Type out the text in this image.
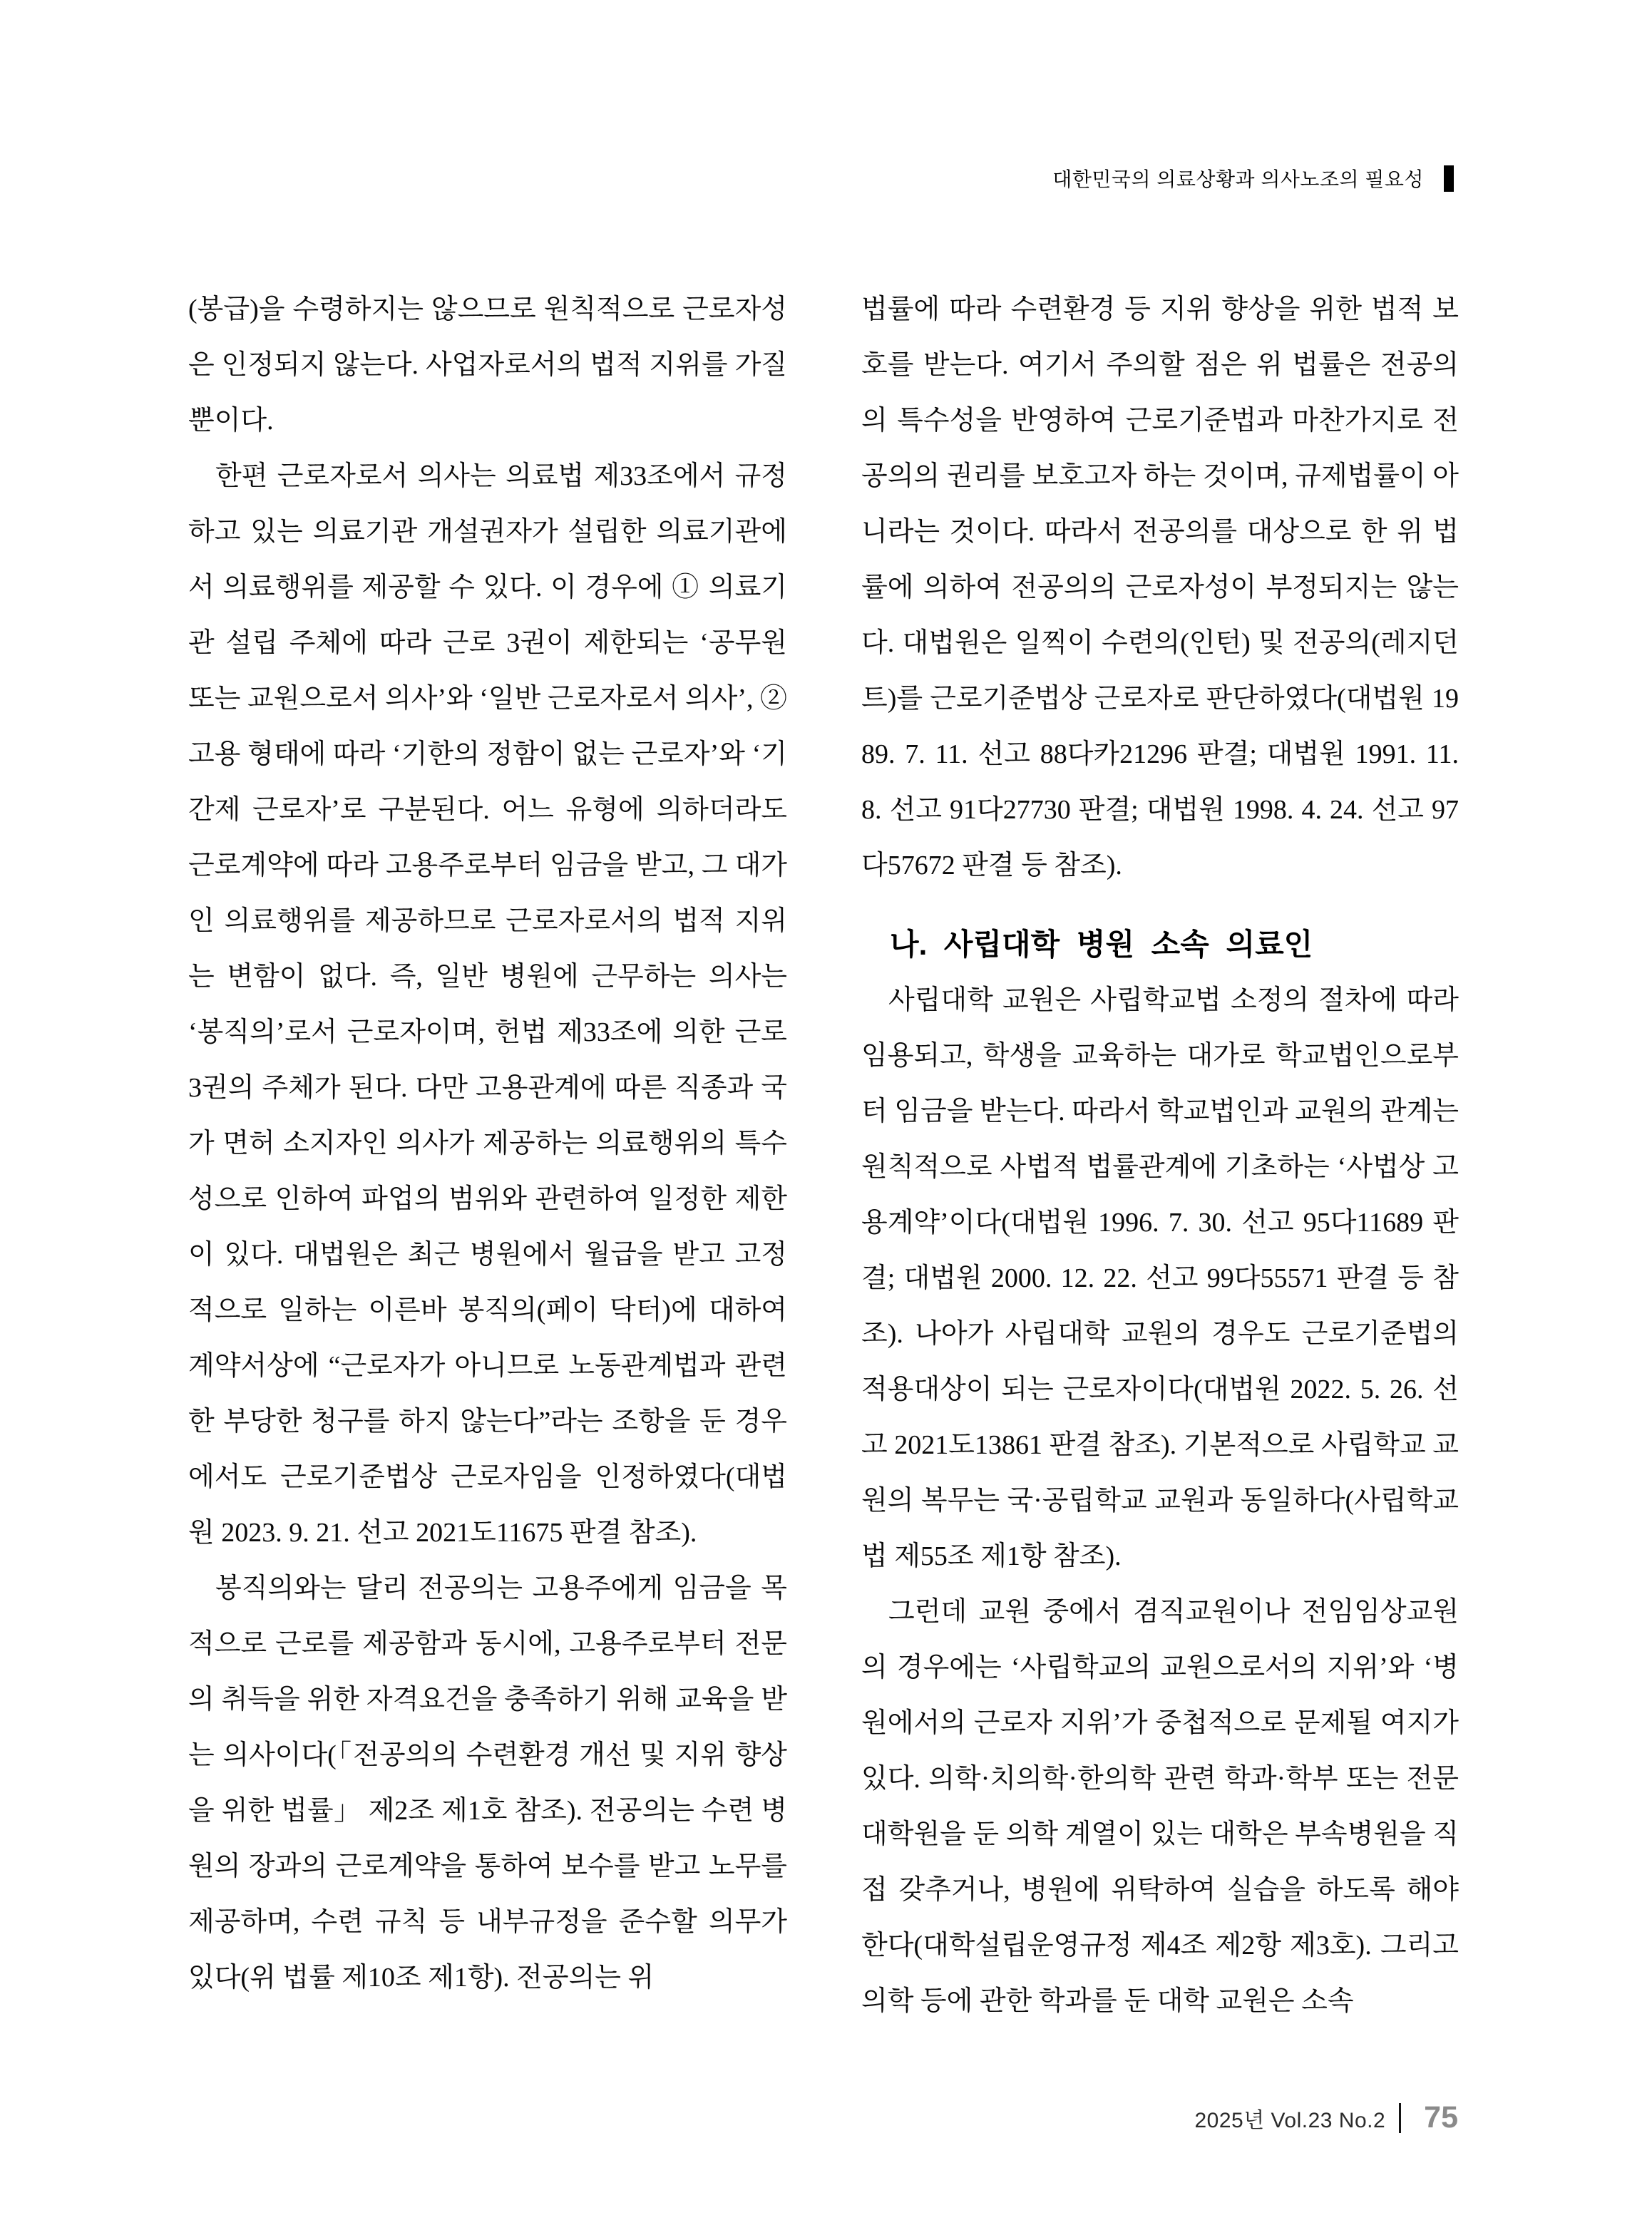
대한민국의 의료상황과 의사노조의 필요성

(봉급)을 수령하지는 않으므로 원칙적으로 근로자성은 인정되지 않는다. 사업자로서의 법적 지위를 가질 뿐이다.

한편 근로자로서 의사는 의료법 제33조에서 규정하고 있는 의료기관 개설권자가 설립한 의료기관에서 의료행위를 제공할 수 있다. 이 경우에 ① 의료기관 설립 주체에 따라 근로 3권이 제한되는 ‘공무원 또는 교원으로서 의사’와 ‘일반 근로자로서 의사’, ② 고용 형태에 따라 ‘기한의 정함이 없는 근로자’와 ‘기간제 근로자’로 구분된다. 어느 유형에 의하더라도 근로계약에 따라 고용주로부터 임금을 받고, 그 대가인 의료행위를 제공하므로 근로자로서의 법적 지위는 변함이 없다. 즉, 일반 병원에 근무하는 의사는 ‘봉직의’로서 근로자이며, 헌법 제33조에 의한 근로 3권의 주체가 된다. 다만 고용관계에 따른 직종과 국가 면허 소지자인 의사가 제공하는 의료행위의 특수성으로 인하여 파업의 범위와 관련하여 일정한 제한이 있다. 대법원은 최근 병원에서 월급을 받고 고정적으로 일하는 이른바 봉직의(페이 닥터)에 대하여 계약서상에 “근로자가 아니므로 노동관계법과 관련한 부당한 청구를 하지 않는다”라는 조항을 둔 경우에서도 근로기준법상 근로자임을 인정하였다(대법원 2023. 9. 21. 선고 2021도11675 판결 참조).

봉직의와는 달리 전공의는 고용주에게 임금을 목적으로 근로를 제공함과 동시에, 고용주로부터 전문의 취득을 위한 자격요건을 충족하기 위해 교육을 받는 의사이다(「전공의의 수련환경 개선 및 지위 향상을 위한 법률」 제2조 제1호 참조). 전공의는 수련 병원의 장과의 근로계약을 통하여 보수를 받고 노무를 제공하며, 수련 규칙 등 내부규정을 준수할 의무가 있다(위 법률 제10조 제1항). 전공의는 위

법률에 따라 수련환경 등 지위 향상을 위한 법적 보호를 받는다. 여기서 주의할 점은 위 법률은 전공의의 특수성을 반영하여 근로기준법과 마찬가지로 전공의의 권리를 보호고자 하는 것이며, 규제법률이 아니라는 것이다. 따라서 전공의를 대상으로 한 위 법률에 의하여 전공의의 근로자성이 부정되지는 않는다. 대법원은 일찍이 수련의(인턴) 및 전공의(레지던트)를 근로기준법상 근로자로 판단하였다(대법원 1989. 7. 11. 선고 88다카21296 판결; 대법원 1991. 11. 8. 선고 91다27730 판결; 대법원 1998. 4. 24. 선고 97다57672 판결 등 참조).

나. 사립대학 병원 소속 의료인

사립대학 교원은 사립학교법 소정의 절차에 따라 임용되고, 학생을 교육하는 대가로 학교법인으로부터 임금을 받는다. 따라서 학교법인과 교원의 관계는 원칙적으로 사법적 법률관계에 기초하는 ‘사법상 고용계약’이다(대법원 1996. 7. 30. 선고 95다11689 판결; 대법원 2000. 12. 22. 선고 99다55571 판결 등 참조). 나아가 사립대학 교원의 경우도 근로기준법의 적용대상이 되는 근로자이다(대법원 2022. 5. 26. 선고 2021도13861 판결 참조). 기본적으로 사립학교 교원의 복무는 국·공립학교 교원과 동일하다(사립학교법 제55조 제1항 참조).

그런데 교원 중에서 겸직교원이나 전임임상교원의 경우에는 ‘사립학교의 교원으로서의 지위’와 ‘병원에서의 근로자 지위’가 중첩적으로 문제될 여지가 있다. 의학·치의학·한의학 관련 학과·학부 또는 전문대학원을 둔 의학 계열이 있는 대학은 부속병원을 직접 갖추거나, 병원에 위탁하여 실습을 하도록 해야 한다(대학설립운영규정 제4조 제2항 제3호). 그리고 의학 등에 관한 학과를 둔 대학 교원은 소속

2025년 Vol.23 No.2 75
